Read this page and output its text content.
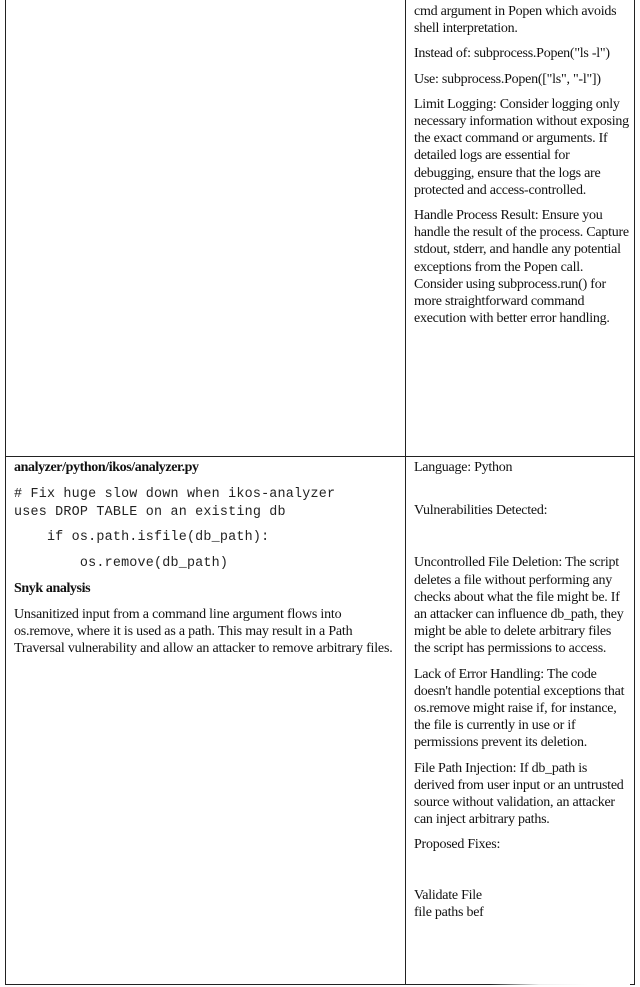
cmd argument in Popen which avoids shell interpretation.

Instead of: subprocess.Popen("ls -l")

Use: subprocess.Popen(["ls", "-l"])

Limit Logging: Consider logging only necessary information without exposing the exact command or arguments. If detailed logs are essential for debugging, ensure that the logs are protected and access-controlled.

Handle Process Result: Ensure you handle the result of the process. Capture stdout, stderr, and handle any potential exceptions from the Popen call. Consider using subprocess.run() for more straightforward command execution with better error handling.

analyzer/python/ikos/analyzer.py

# Fix huge slow down when ikos-analyzer

uses DROP TABLE on an existing db

if os.path.isfile(db_path):

os.remove(db_path)

Snyk analysis

Unsanitized input from a command line argument flows into os.remove, where it is used as a path. This may result in a Path Traversal vulnerability and allow an attacker to remove arbitrary files.

Language: Python

Vulnerabilities Detected:

Uncontrolled File Deletion: The script deletes a file without performing any checks about what the file might be. If an attacker can influence db_path, they might be able to delete arbitrary files the script has permissions to access.

Lack of Error Handling: The code doesn't handle potential exceptions that os.remove might raise if, for instance, the file is currently in use or if permissions prevent its deletion.

File Path Injection: If db_path is derived from user input or an untrusted source without validation, an attacker can inject arbitrary paths.

Proposed Fixes:

Validate File

file paths bef
